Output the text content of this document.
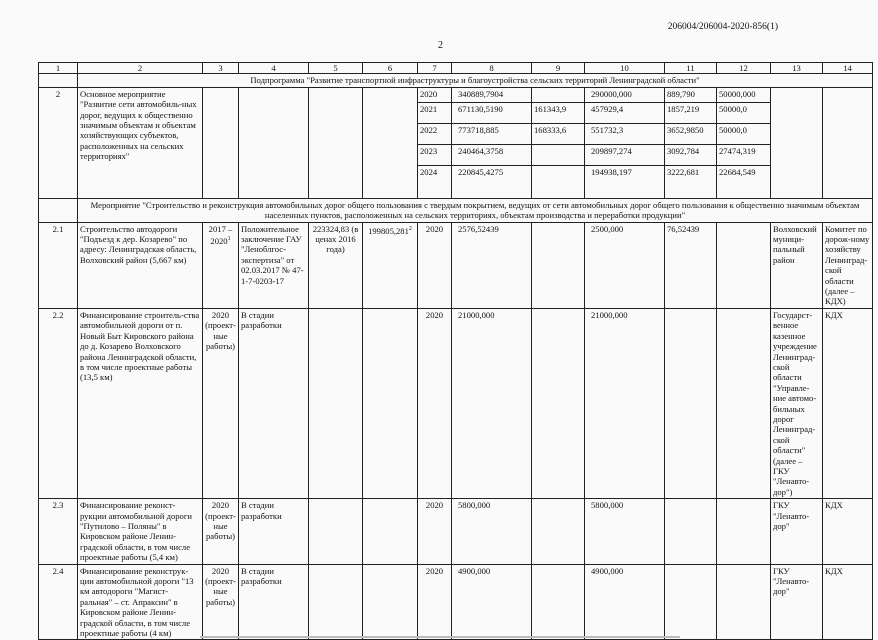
206004/206004-2020-856(1)
2
1	2	3	4	5	6	7	8	9	10	11	12	13	14
	Подпрограмма "Развитие транспортной инфраструктуры и благоустройства сельских территорий Ленинградской области"												
2	Основное мероприятие "Развитие сети автомобиль-ных дорог, ведущих к общественно значимым объектам и объектам хозяйствующих субъектов, расположенных на сельских территориях"					2020	340889,7904		290000,000	889,790	50000,000		
						2021	671130,5190	161343,9	457929,4	1857,219	50000,0		
						2022	773718,885	168333,6	551732,3	3652,9850	50000,0		
						2023	240464,3758		209897,274	3092,784	27474,319		
						2024	220845,4275		194938,197	3222,681	22684,549		
	Мероприятие "Строительство и реконструкция автомобильных дорог общего пользования с твердым покрытием, ведущих от сети автомобильных дорог общего пользования к общественно значимым объектам населенных пунктов, расположенных на сельских территориях, объектам производства и переработки продукции"												
2.1	Строительство автодороги "Подъезд к дер. Козарево" по адресу: Ленинградская область, Волховский район (5,667 км)	2017 – 2020$^1$	Положительное заключение ГАУ "Леноблгос-экспертиза" от 02.03.2017 № 47-1-7-0203-17	223324,83 (в ценах 2016 года)	199805,281$^2$	2020	2576,52439		2500,000	76,52439		Волховский муници-пальный район	Комитет по дорож-ному хозяйству Ленинград-ской области (далее – КДХ)
2.2	Финансирование строитель-ства автомобильной дороги от п. Новый Быт Кировского района до д. Козарево Волховского района Ленинградской области, в том числе проектные работы (13,5 км)	2020 (проект-ные работы)	В стадии разработки			2020	21000,000		21000,000			Государст-венное казенное учреждение Ленинград-ской области "Управле-ние автомо-бильных дорог Ленинград-ской области" (далее – ГКУ "Ленавто-дор")	КДХ
2.3	Финансирование реконст-рукции автомобильной дороги "Путилово – Поляны" в Кировском районе Ленин-градской области, в том числе проектные работы (5,4 км)	2020 (проект-ные работы)	В стадии разработки			2020	5800,000		5800,000			ГКУ "Ленавто-дор"	КДХ
2.4	Финансирование реконструк-ции автомобильной дороги "13 км автодороги "Магист-ральная" – ст. Апраксин" в Кировском районе Ленин-градской области, в том числе проектные работы (4 км)	2020 (проект-ные работы)	В стадии разработки			2020	4900,000		4900,000			ГКУ "Ленавто-дор"	КДХ
